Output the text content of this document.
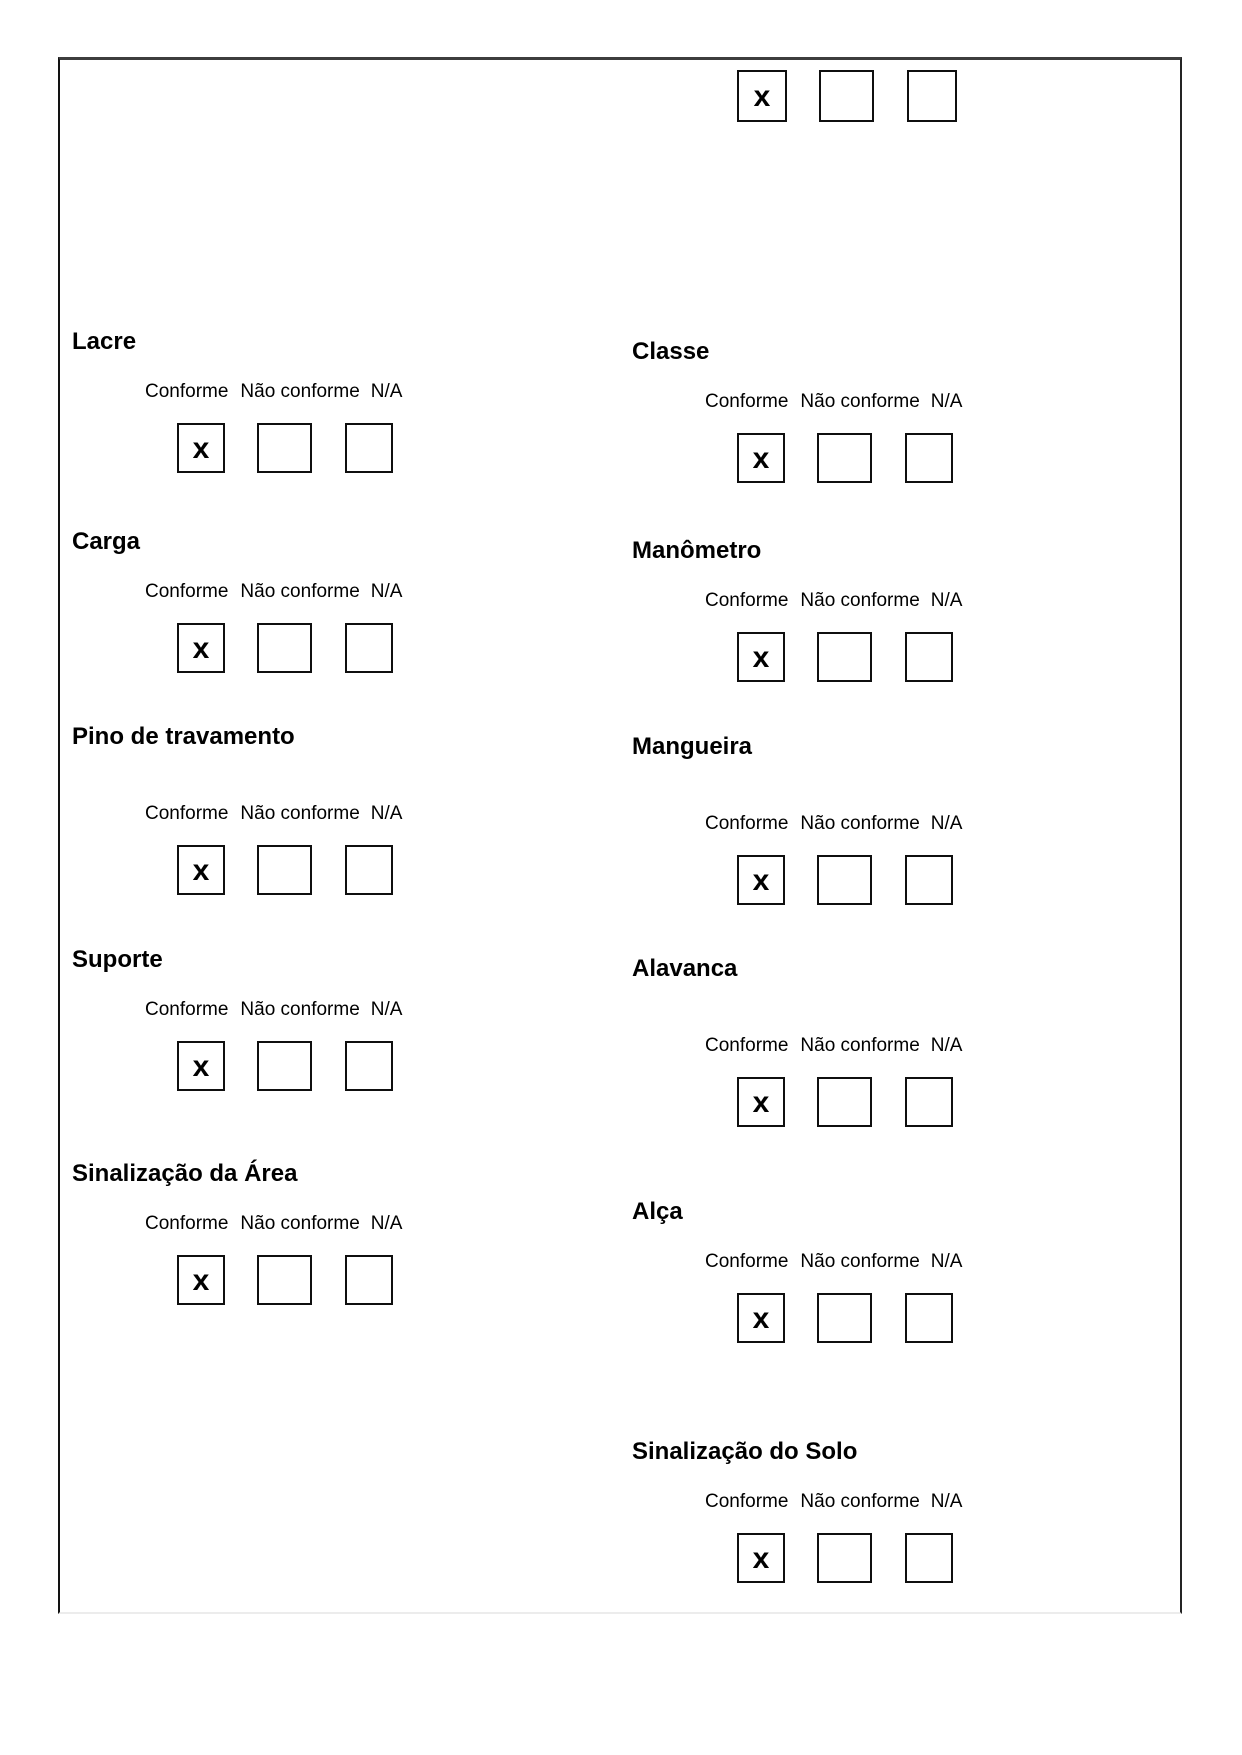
x
Lacre
Conforme Não conforme N/A
x
Carga
Conforme Não conforme N/A
x
Pino de travamento
Conforme Não conforme N/A
x
Suporte
Conforme Não conforme N/A
x
Sinalização da Área
Conforme Não conforme N/A
x
Classe
Conforme Não conforme N/A
x
Manômetro
Conforme Não conforme N/A
x
Mangueira
Conforme Não conforme N/A
x
Alavanca
Conforme Não conforme N/A
x
Alça
Conforme Não conforme N/A
x
Sinalização do Solo
Conforme Não conforme N/A
x
